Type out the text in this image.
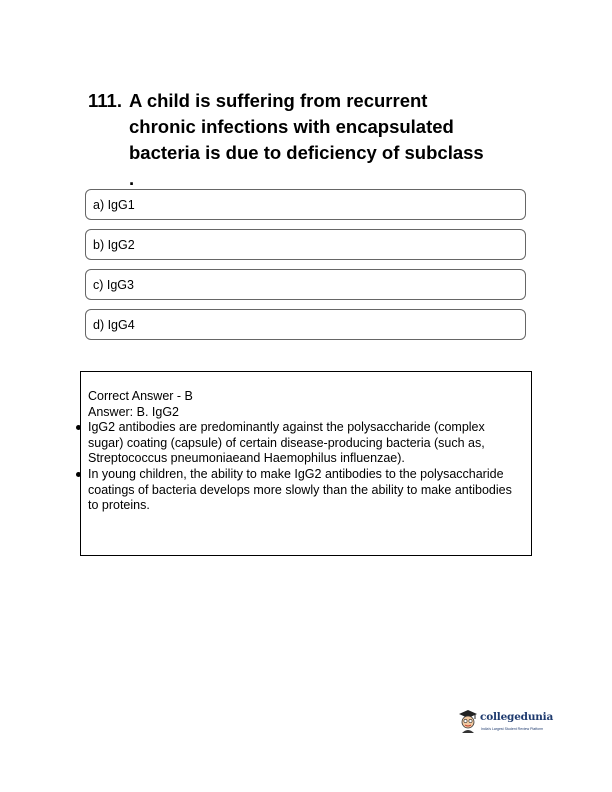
111. A child is suffering from recurrent
chronic infections with encapsulated
bacteria is due to deficiency of subclass
.
a) IgG1
b) IgG2
c) IgG3
d) IgG4
Correct Answer - B
Answer: B. IgG2
IgG2 antibodies are predominantly against the polysaccharide (complex sugar) coating (capsule) of certain disease-producing bacteria (such as, Streptococcus pneumoniaeand Haemophilus influenzae).
In young children, the ability to make IgG2 antibodies to the polysaccharide coatings of bacteria develops more slowly than the ability to make antibodies to proteins.
collegedunia
India's Largest Student Review Platform
